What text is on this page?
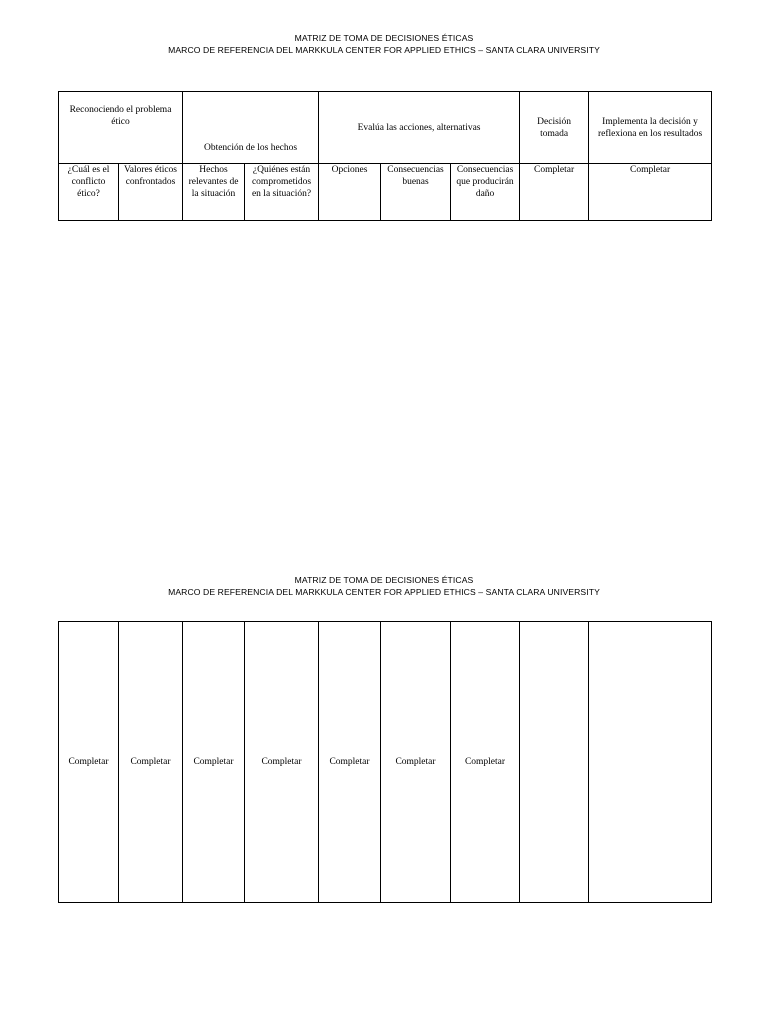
MATRIZ DE TOMA DE DECISIONES ÉTICAS
MARCO DE REFERENCIA DEL MARKKULA CENTER FOR APPLIED ETHICS – SANTA CLARA UNIVERSITY
Reconociendo el problema ético		Obtención de los hechos		Evalúa las acciones, alternativas			Decisión tomada	Implementa la decisión y reflexiona en los resultados
¿Cuál es el conflicto ético?	Valores éticos confrontados	Hechos relevantes de la situación	¿Quiénes están comprometidos en la situación?	Opciones	Consecuencias buenas	Consecuencias que producirán daño	Completar	Completar
MATRIZ DE TOMA DE DECISIONES ÉTICAS
MARCO DE REFERENCIA DEL MARKKULA CENTER FOR APPLIED ETHICS – SANTA CLARA UNIVERSITY
Completar	Completar	Completar	Completar	Completar	Completar	Completar		
